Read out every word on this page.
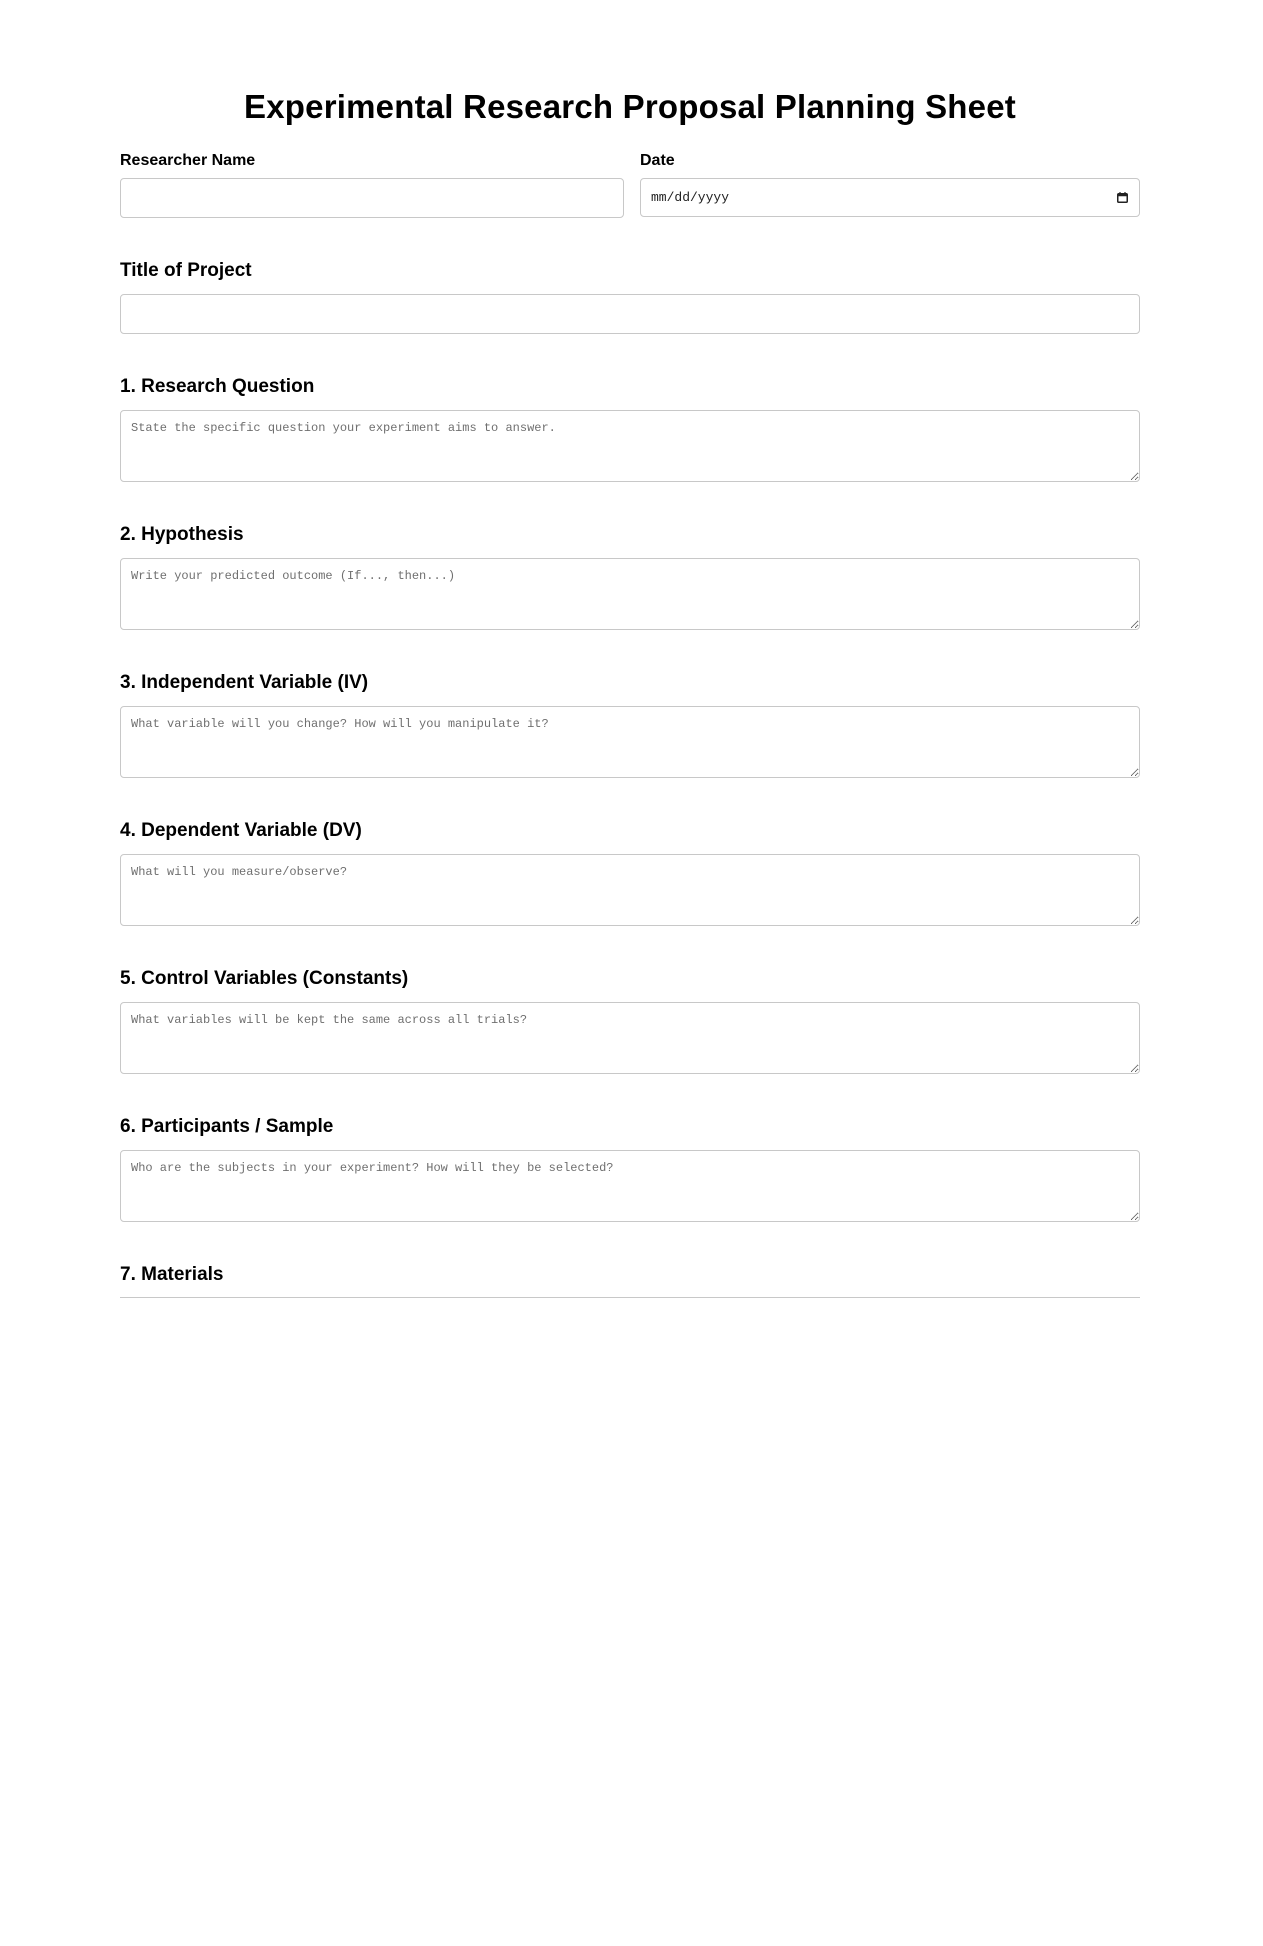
Experimental Research Proposal Planning Sheet
Researcher Name	Date
mm/dd/yyyy
Title of Project
1. Research Question
State the specific question your experiment aims to answer.
2. Hypothesis
Write your predicted outcome (If..., then...)
3. Independent Variable (IV)
What variable will you change? How will you manipulate it?
4. Dependent Variable (DV)
What will you measure/observe?
5. Control Variables (Constants)
What variables will be kept the same across all trials?
6. Participants / Sample
Who are the subjects in your experiment? How will they be selected?
7. Materials
